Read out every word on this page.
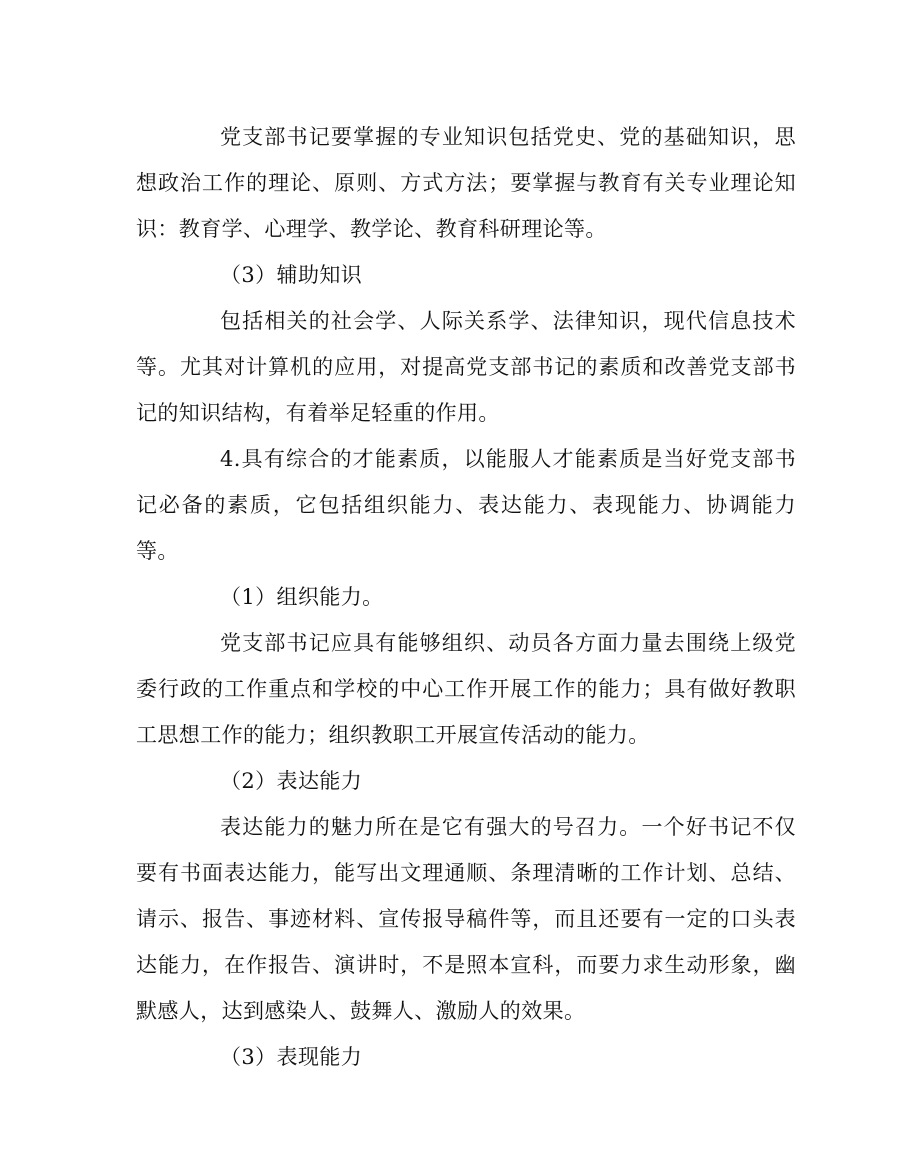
党支部书记要掌握的专业知识包括党史、党的基础知识，思想政治工作的理论、原则、方式方法；要掌握与教育有关专业理论知识：教育学、心理学、教学论、教育科研理论等。

（3）辅助知识

包括相关的社会学、人际关系学、法律知识，现代信息技术等。尤其对计算机的应用，对提高党支部书记的素质和改善党支部书记的知识结构，有着举足轻重的作用。

4.具有综合的才能素质，以能服人才能素质是当好党支部书记必备的素质，它包括组织能力、表达能力、表现能力、协调能力等。

（1）组织能力。

党支部书记应具有能够组织、动员各方面力量去围绕上级党委行政的工作重点和学校的中心工作开展工作的能力；具有做好教职工思想工作的能力；组织教职工开展宣传活动的能力。

（2）表达能力

表达能力的魅力所在是它有强大的号召力。一个好书记不仅要有书面表达能力，能写出文理通顺、条理清晰的工作计划、总结、请示、报告、事迹材料、宣传报导稿件等，而且还要有一定的口头表达能力，在作报告、演讲时，不是照本宣科，而要力求生动形象，幽默感人，达到感染人、鼓舞人、激励人的效果。

（3）表现能力
